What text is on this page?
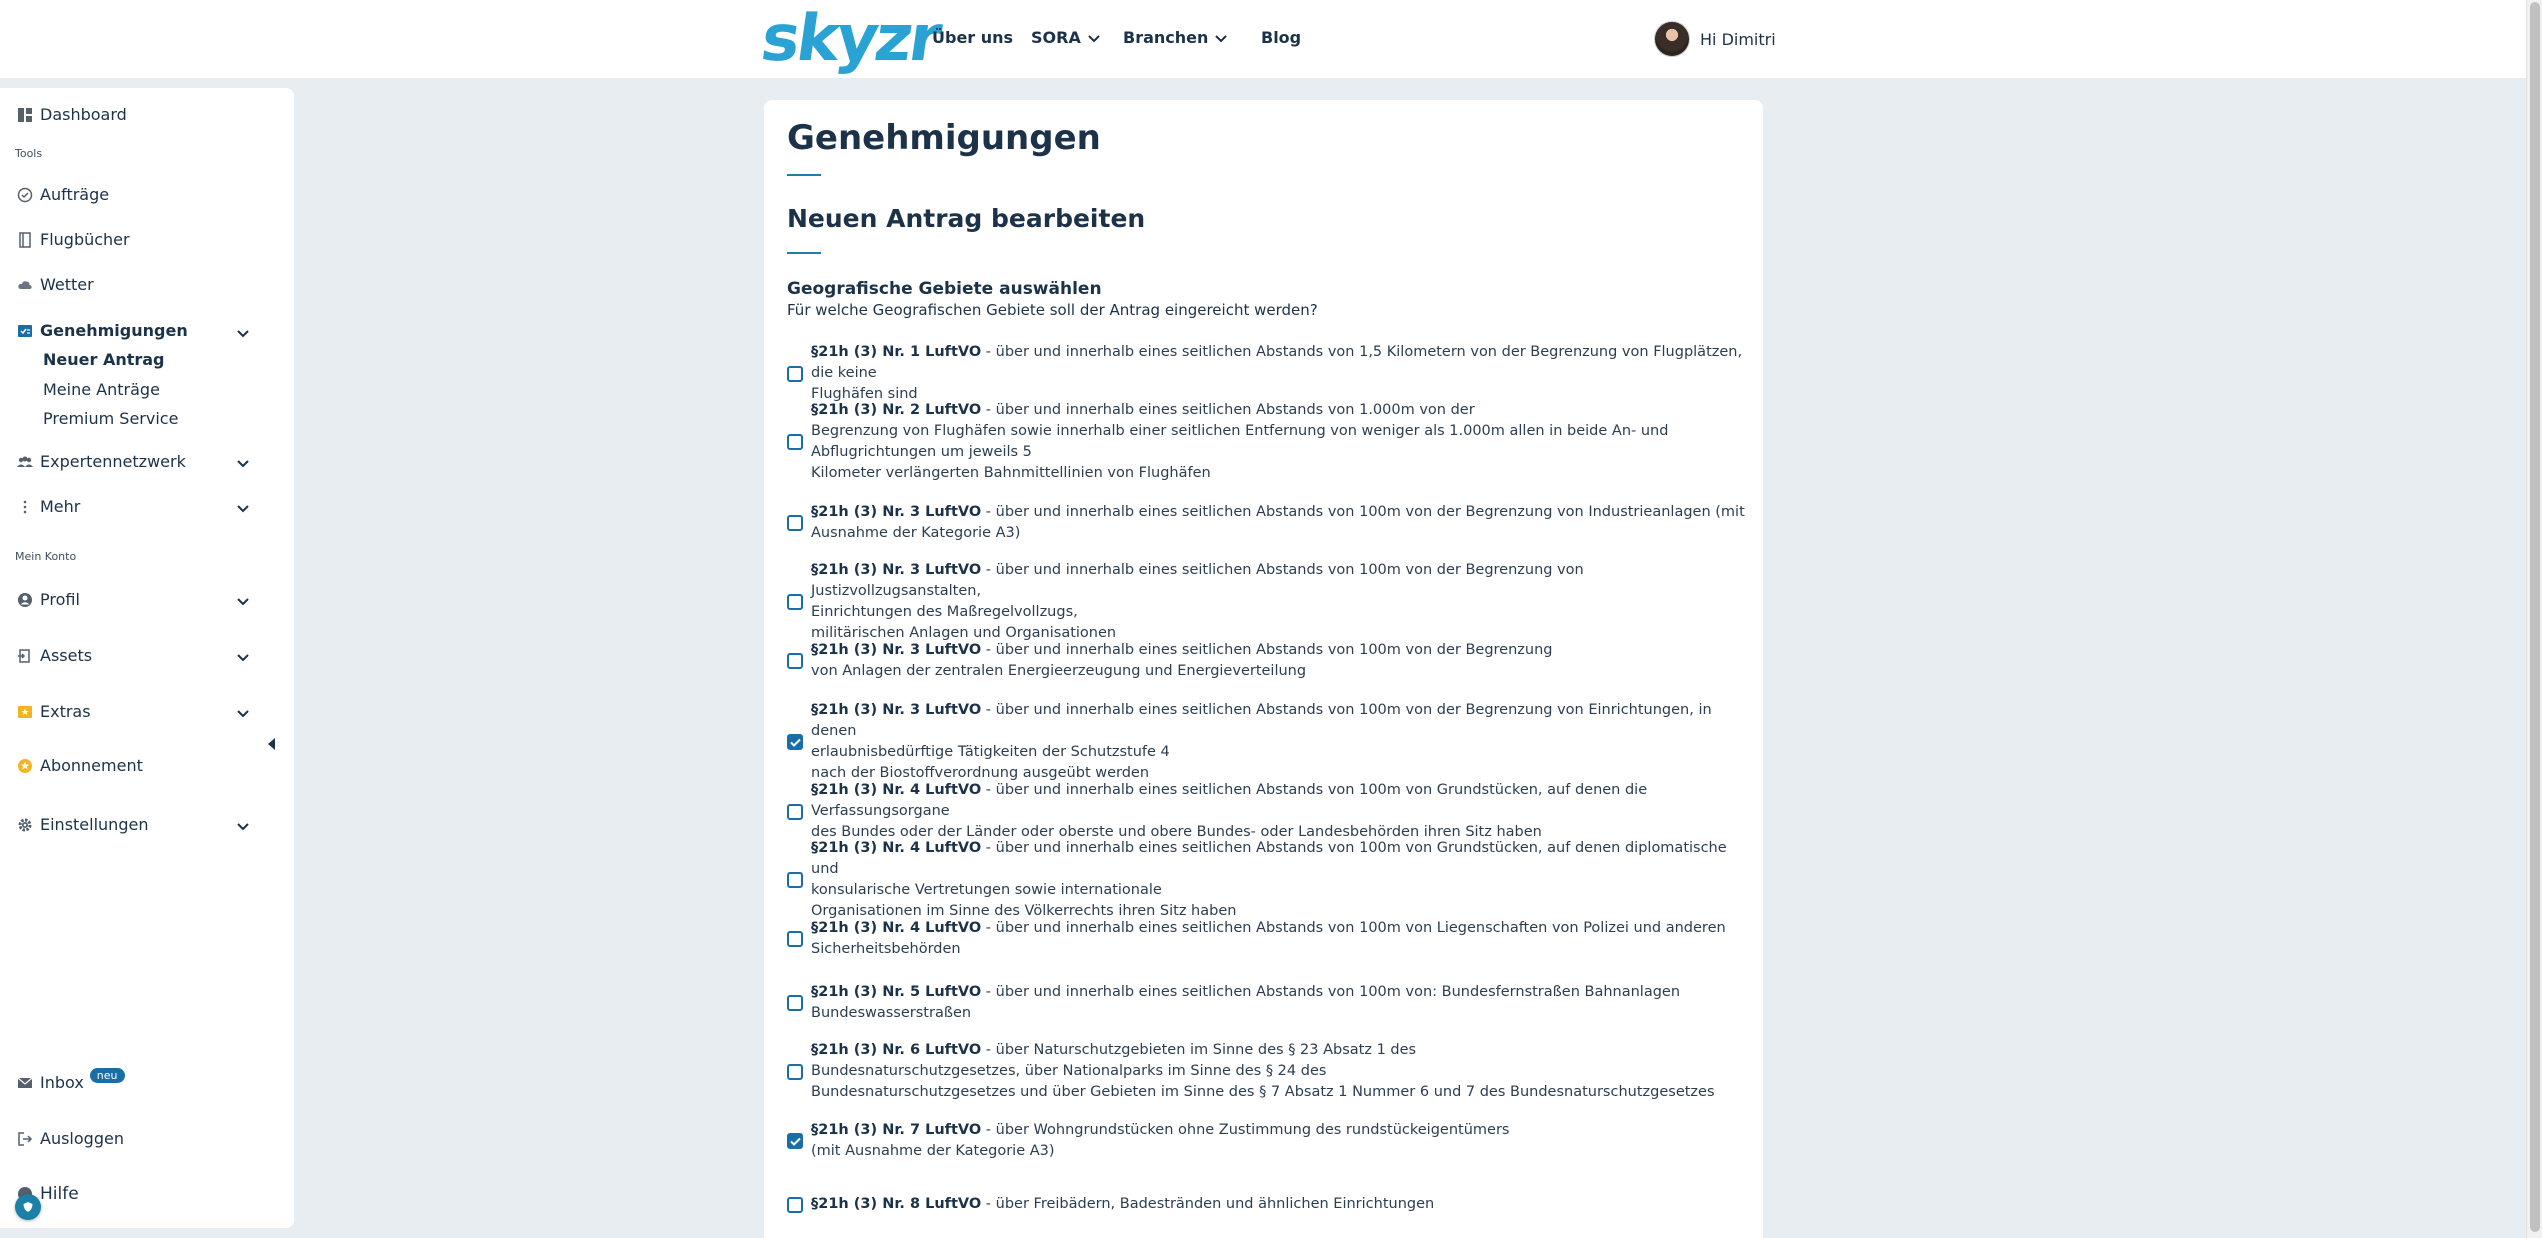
skyzr
Über uns SORA	Branchen	Blog	Hi Dimitri
Dashboard
Tools
Aufträge
Flugbücher
Wetter
Genehmigungen
Neuer Antrag
Meine Anträge
Premium Service
Expertennetzwerk
Mehr
Mein Konto
Profil
Assets
Extras
Abonnement
Einstellungen
Inbox	neu
Ausloggen
Hilfe
Genehmigungen
Neuen Antrag bearbeiten
Geografische Gebiete auswählen
Für welche Geografischen Gebiete soll der Antrag eingereicht werden?
§21h (3) Nr. 1 LuftVO - über und innerhalb eines seitlichen Abstands von 1,5 Kilometern von der Begrenzung von Flugplätzen, die keine
Flughäfen sind
§21h (3) Nr. 2 LuftVO - über und innerhalb eines seitlichen Abstands von 1.000m von der
Begrenzung von Flughäfen sowie innerhalb einer seitlichen Entfernung von weniger als 1.000m allen in beide An- und
Abflugrichtungen um jeweils 5
Kilometer verlängerten Bahnmittellinien von Flughäfen
§21h (3) Nr. 3 LuftVO - über und innerhalb eines seitlichen Abstands von 100m von der Begrenzung von Industrieanlagen (mit
Ausnahme der Kategorie A3)
§21h (3) Nr. 3 LuftVO - über und innerhalb eines seitlichen Abstands von 100m von der Begrenzung von Justizvollzugsanstalten,
Einrichtungen des Maßregelvollzugs,
militärischen Anlagen und Organisationen
§21h (3) Nr. 3 LuftVO - über und innerhalb eines seitlichen Abstands von 100m von der Begrenzung
von Anlagen der zentralen Energieerzeugung und Energieverteilung
§21h (3) Nr. 3 LuftVO - über und innerhalb eines seitlichen Abstands von 100m von der Begrenzung von Einrichtungen, in denen
erlaubnisbedürftige Tätigkeiten der Schutzstufe 4
nach der Biostoffverordnung ausgeübt werden
§21h (3) Nr. 4 LuftVO - über und innerhalb eines seitlichen Abstands von 100m von Grundstücken, auf denen die Verfassungsorgane
des Bundes oder der Länder oder oberste und obere Bundes- oder Landesbehörden ihren Sitz haben
§21h (3) Nr. 4 LuftVO - über und innerhalb eines seitlichen Abstands von 100m von Grundstücken, auf denen diplomatische und
konsularische Vertretungen sowie internationale
Organisationen im Sinne des Völkerrechts ihren Sitz haben
§21h (3) Nr. 4 LuftVO - über und innerhalb eines seitlichen Abstands von 100m von Liegenschaften von Polizei und anderen
Sicherheitsbehörden
§21h (3) Nr. 5 LuftVO - über und innerhalb eines seitlichen Abstands von 100m von: Bundesfernstraßen Bahnanlagen
Bundeswasserstraßen
§21h (3) Nr. 6 LuftVO - über Naturschutzgebieten im Sinne des § 23 Absatz 1 des
Bundesnaturschutzgesetzes, über Nationalparks im Sinne des § 24 des
Bundesnaturschutzgesetzes und über Gebieten im Sinne des § 7 Absatz 1 Nummer 6 und 7 des Bundesnaturschutzgesetzes
§21h (3) Nr. 7 LuftVO - über Wohngrundstücken ohne Zustimmung des rundstückeigentümers
(mit Ausnahme der Kategorie A3)
§21h (3) Nr. 8 LuftVO - über Freibädern, Badestränden und ähnlichen Einrichtungen
